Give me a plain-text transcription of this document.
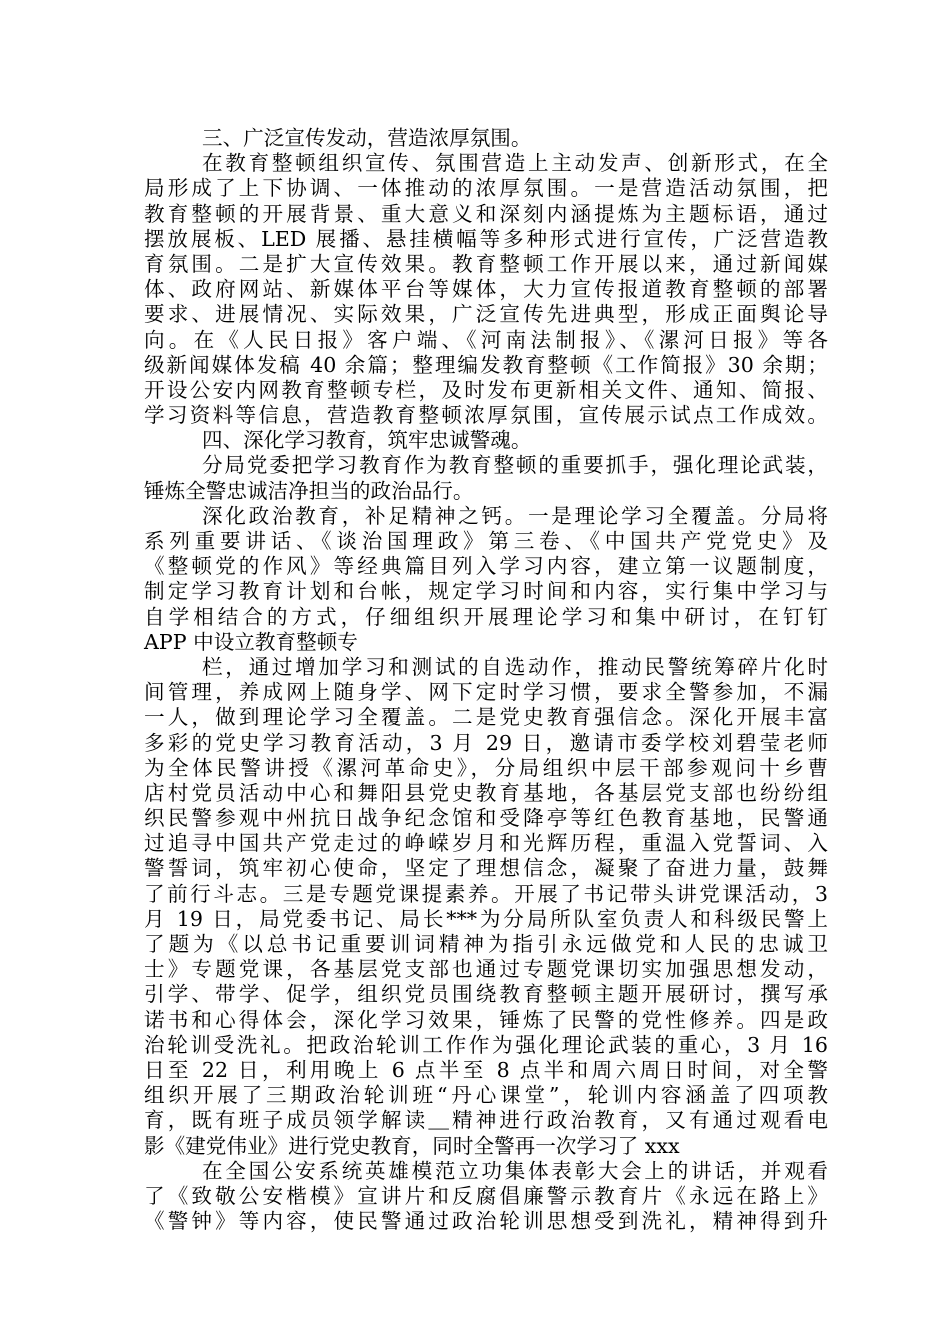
三、广泛宣传发动，营造浓厚氛围。
在教育整顿组织宣传、氛围营造上主动发声、创新形式，在全
局形成了上下协调、一体推动的浓厚氛围。一是营造活动氛围，把
教育整顿的开展背景、重大意义和深刻内涵提炼为主题标语，通过
摆放展板、LED 展播、悬挂横幅等多种形式进行宣传，广泛营造教
育氛围。二是扩大宣传效果。教育整顿工作开展以来，通过新闻媒
体、政府网站、新媒体平台等媒体，大力宣传报道教育整顿的部署
要求、进展情况、实际效果，广泛宣传先进典型，形成正面舆论导
向。在《人民日报》客户端、《河南法制报》、《漯河日报》等各
级新闻媒体发稿 40 余篇；整理编发教育整顿《工作简报》30 余期；
开设公安内网教育整顿专栏，及时发布更新相关文件、通知、简报、
学习资料等信息，营造教育整顿浓厚氛围，宣传展示试点工作成效。
四、深化学习教育，筑牢忠诚警魂。
分局党委把学习教育作为教育整顿的重要抓手，强化理论武装，
锤炼全警忠诚洁净担当的政治品行。
深化政治教育，补足精神之钙。一是理论学习全覆盖。分局将
系列重要讲话、《谈治国理政》第三卷、《中国共产党党史》及
《整顿党的作风》等经典篇目列入学习内容，建立第一议题制度，
制定学习教育计划和台帐，规定学习时间和内容，实行集中学习与
自学相结合的方式，仔细组织开展理论学习和集中研讨，在钉钉
APP 中设立教育整顿专
栏，通过增加学习和测试的自选动作，推动民警统筹碎片化时
间管理，养成网上随身学、网下定时学习惯，要求全警参加，不漏
一人，做到理论学习全覆盖。二是党史教育强信念。深化开展丰富
多彩的党史学习教育活动，3 月 29 日，邀请市委学校刘碧莹老师
为全体民警讲授《漯河革命史》，分局组织中层干部参观问十乡曹
店村党员活动中心和舞阳县党史教育基地，各基层党支部也纷纷组
织民警参观中州抗日战争纪念馆和受降亭等红色教育基地，民警通
过追寻中国共产党走过的峥嵘岁月和光辉历程，重温入党誓词、入
警誓词，筑牢初心使命，坚定了理想信念，凝聚了奋进力量，鼓舞
了前行斗志。三是专题党课提素养。开展了书记带头讲党课活动，3
月 19 日，局党委书记、局长***为分局所队室负责人和科级民警上
了题为《以总书记重要训词精神为指引永远做党和人民的忠诚卫
士》专题党课，各基层党支部也通过专题党课切实加强思想发动，
引学、带学、促学，组织党员围绕教育整顿主题开展研讨，撰写承
诺书和心得体会，深化学习效果，锤炼了民警的党性修养。四是政
治轮训受洗礼。把政治轮训工作作为强化理论武装的重心，3 月 16
日至 22 日，利用晚上 6 点半至 8 点半和周六周日时间，对全警
组织开展了三期政治轮训班“丹心课堂”，轮训内容涵盖了四项教
育，既有班子成员领学解读＿精神进行政治教育，又有通过观看电
影《建党伟业》进行党史教育，同时全警再一次学习了 xxx
在全国公安系统英雄模范立功集体表彰大会上的讲话，并观看
了《致敬公安楷模》宣讲片和反腐倡廉警示教育片《永远在路上》
《警钟》等内容，使民警通过政治轮训思想受到洗礼，精神得到升
